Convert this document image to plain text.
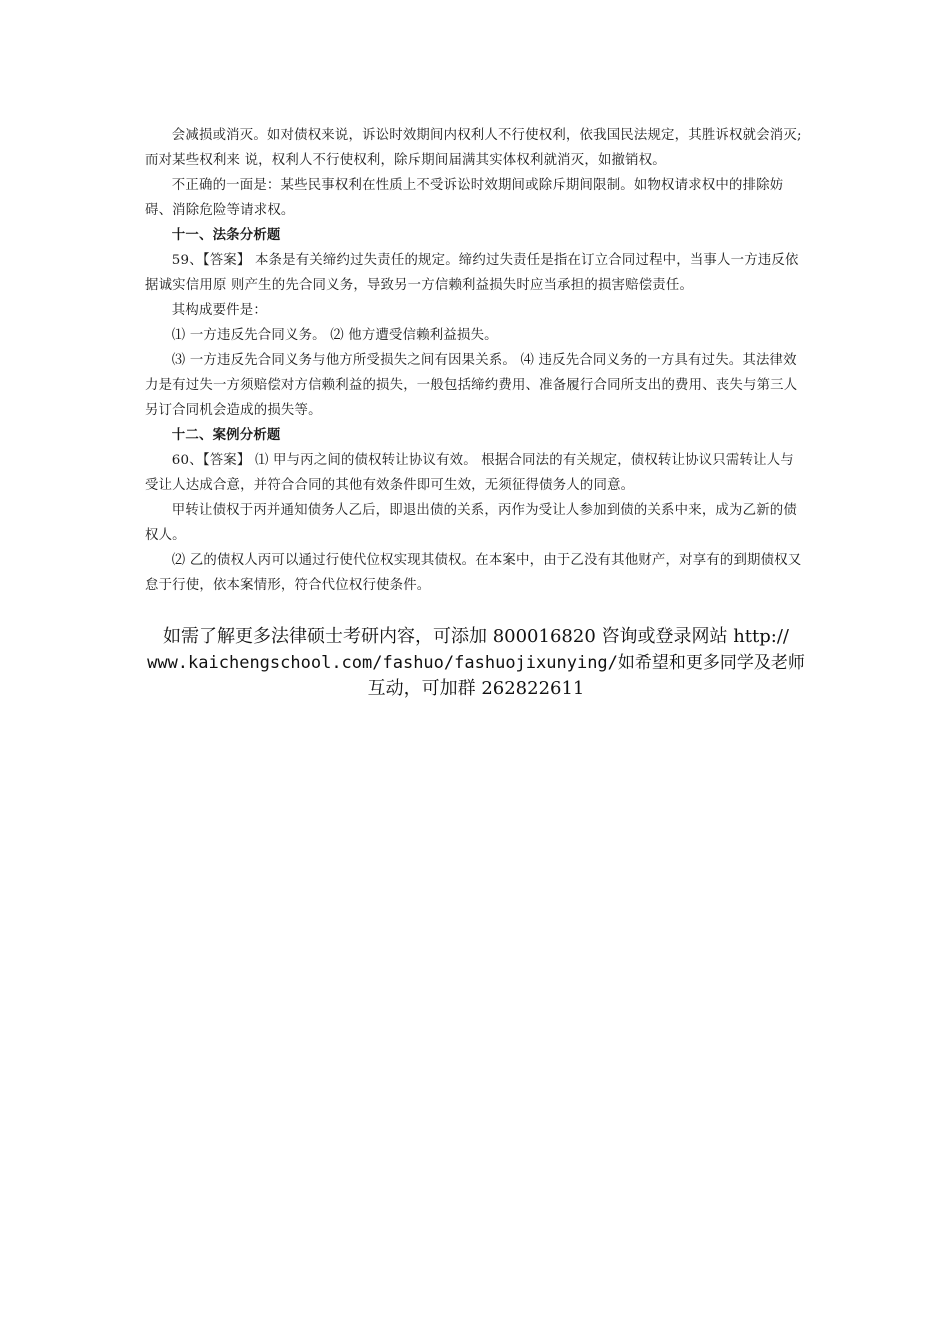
会减损或消灭。如对债权来说，诉讼时效期间内权利人不行使权利，依我国民法规定，其胜诉权就会消灭;而对某些权利来 说，权利人不行使权利，除斥期间届满其实体权利就消灭，如撤销权。

不正确的一面是：某些民事权利在性质上不受诉讼时效期间或除斥期间限制。如物权请求权中的排除妨碍、消除危险等请求权。

十一、法条分析题

59、【答案】 本条是有关缔约过失责任的规定。缔约过失责任是指在订立合同过程中，当事人一方违反依据诚实信用原 则产生的先合同义务，导致另一方信赖利益损失时应当承担的损害赔偿责任。

其构成要件是：

⑴ 一方违反先合同义务。 ⑵ 他方遭受信赖利益损失。

⑶ 一方违反先合同义务与他方所受损失之间有因果关系。 ⑷ 违反先合同义务的一方具有过失。其法律效力是有过失一方须赔偿对方信赖利益的损失，一般包括缔约费用、准备履行合同所支出的费用、丧失与第三人另订合同机会造成的损失等。

十二、案例分析题

60、【答案】 ⑴ 甲与丙之间的债权转让协议有效。 根据合同法的有关规定，债权转让协议只需转让人与受让人达成合意，并符合合同的其他有效条件即可生效，无须征得债务人的同意。

甲转让债权于丙并通知债务人乙后，即退出债的关系，丙作为受让人参加到债的关系中来，成为乙新的债权人。

⑵ 乙的债权人丙可以通过行使代位权实现其债权。在本案中，由于乙没有其他财产，对享有的到期债权又怠于行使，依本案情形，符合代位权行使条件。

如需了解更多法律硕士考研内容，可添加 800016820 咨询或登录网站 http://
www.kaichengschool.com/fashuo/fashuojixunying/如希望和更多同学及老师
互动，可加群 262822611
